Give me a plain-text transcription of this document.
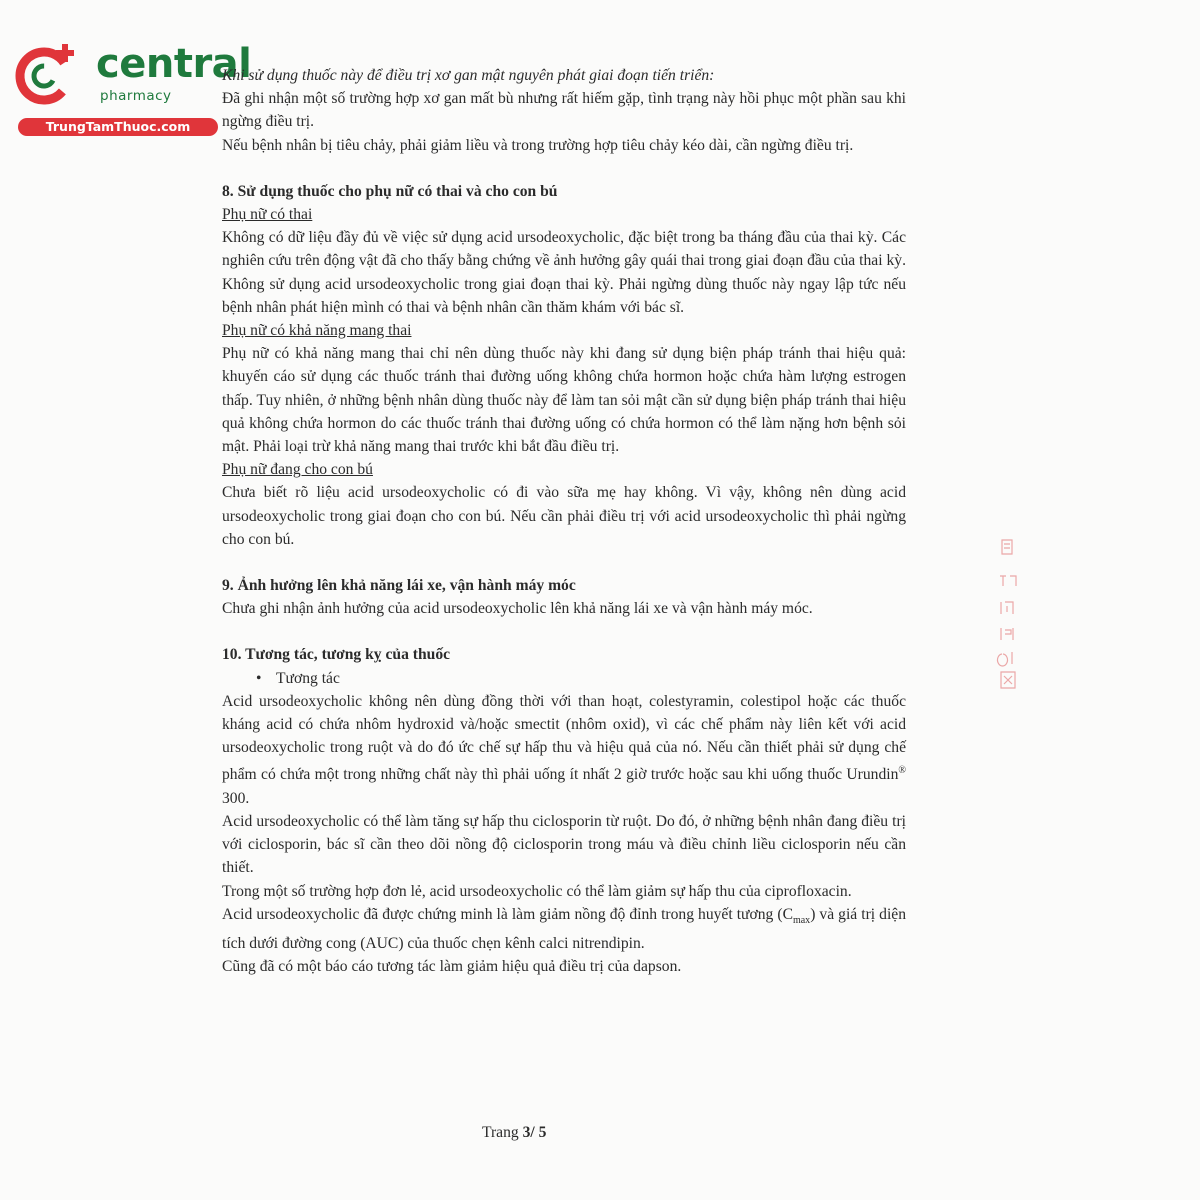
central
pharmacy
TrungTamThuoc.com

Khi sử dụng thuốc này để điều trị xơ gan mật nguyên phát giai đoạn tiến triển:

Đã ghi nhận một số trường hợp xơ gan mất bù nhưng rất hiếm gặp, tình trạng này hồi phục một phần sau khi ngừng điều trị.

Nếu bệnh nhân bị tiêu chảy, phải giảm liều và trong trường hợp tiêu chảy kéo dài, cần ngừng điều trị.

8. Sử dụng thuốc cho phụ nữ có thai và cho con bú

Phụ nữ có thai

Không có dữ liệu đầy đủ về việc sử dụng acid ursodeoxycholic, đặc biệt trong ba tháng đầu của thai kỳ. Các nghiên cứu trên động vật đã cho thấy bằng chứng về ảnh hưởng gây quái thai trong giai đoạn đầu của thai kỳ. Không sử dụng acid ursodeoxycholic trong giai đoạn thai kỳ. Phải ngừng dùng thuốc này ngay lập tức nếu bệnh nhân phát hiện mình có thai và bệnh nhân cần thăm khám với bác sĩ.

Phụ nữ có khả năng mang thai

Phụ nữ có khả năng mang thai chỉ nên dùng thuốc này khi đang sử dụng biện pháp tránh thai hiệu quả: khuyến cáo sử dụng các thuốc tránh thai đường uống không chứa hormon hoặc chứa hàm lượng estrogen thấp. Tuy nhiên, ở những bệnh nhân dùng thuốc này để làm tan sỏi mật cần sử dụng biện pháp tránh thai hiệu quả không chứa hormon do các thuốc tránh thai đường uống có chứa hormon có thể làm nặng hơn bệnh sỏi mật. Phải loại trừ khả năng mang thai trước khi bắt đầu điều trị.

Phụ nữ đang cho con bú

Chưa biết rõ liệu acid ursodeoxycholic có đi vào sữa mẹ hay không. Vì vậy, không nên dùng acid ursodeoxycholic trong giai đoạn cho con bú. Nếu cần phải điều trị với acid ursodeoxycholic thì phải ngừng cho con bú.

9. Ảnh hưởng lên khả năng lái xe, vận hành máy móc

Chưa ghi nhận ảnh hưởng của acid ursodeoxycholic lên khả năng lái xe và vận hành máy móc.

10. Tương tác, tương kỵ của thuốc

• Tương tác

Acid ursodeoxycholic không nên dùng đồng thời với than hoạt, colestyramin, colestipol hoặc các thuốc kháng acid có chứa nhôm hydroxid và/hoặc smectit (nhôm oxid), vì các chế phẩm này liên kết với acid ursodeoxycholic trong ruột và do đó ức chế sự hấp thu và hiệu quả của nó. Nếu cần thiết phải sử dụng chế phẩm có chứa một trong những chất này thì phải uống ít nhất 2 giờ trước hoặc sau khi uống thuốc Urundin® 300.

Acid ursodeoxycholic có thể làm tăng sự hấp thu ciclosporin từ ruột. Do đó, ở những bệnh nhân đang điều trị với ciclosporin, bác sĩ cần theo dõi nồng độ ciclosporin trong máu và điều chỉnh liều ciclosporin nếu cần thiết.

Trong một số trường hợp đơn lẻ, acid ursodeoxycholic có thể làm giảm sự hấp thu của ciprofloxacin.

Acid ursodeoxycholic đã được chứng minh là làm giảm nồng độ đỉnh trong huyết tương $(C_{max})$ và giá trị diện tích dưới đường cong (AUC) của thuốc chẹn kênh calci nitrendipin.

Cũng đã có một báo cáo tương tác làm giảm hiệu quả điều trị của dapson.

Trang 3/ 5
